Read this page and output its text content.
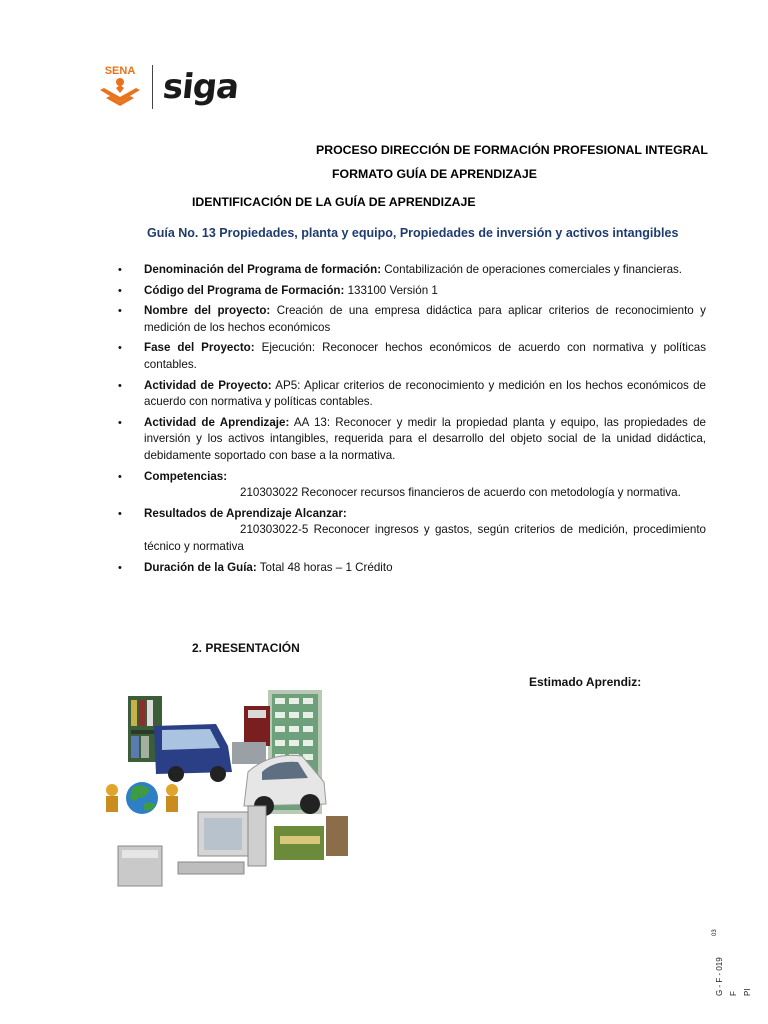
SENA siga
PROCESO DIRECCIÓN DE FORMACIÓN PROFESIONAL INTEGRAL
FORMATO GUÍA DE APRENDIZAJE
IDENTIFICACIÓN DE LA GUÍA DE APRENDIZAJE
Guía No. 13 Propiedades, planta y equipo, Propiedades de inversión y activos intangibles
• Denominación del Programa de formación: Contabilización de operaciones comerciales y financieras.
• Código del Programa de Formación: 133100 Versión 1
• Nombre del proyecto: Creación de una empresa didáctica para aplicar criterios de reconocimiento y medición de los hechos económicos
• Fase del Proyecto: Ejecución: Reconocer hechos económicos de acuerdo con normativa y políticas contables.
• Actividad de Proyecto: AP5: Aplicar criterios de reconocimiento y medición en los hechos económicos de acuerdo con normativa y políticas contables.
• Actividad de Aprendizaje: AA 13: Reconocer y medir la propiedad planta y equipo, las propiedades de inversión y los activos intangibles, requerida para el desarrollo del objeto social de la unidad didáctica, debidamente soportado con base a la normativa.
• Competencias:
210303022 Reconocer recursos financieros de acuerdo con metodología y normativa.
• Resultados de Aprendizaje Alcanzar:
210303022-5 Reconocer ingresos y gastos, según criterios de medición, procedimiento técnico y normativa
• Duración de la Guía: Total 48 horas – 1 Crédito
2. PRESENTACIÓN
Estimado Aprendiz:
G - F - 019
03
F PI
